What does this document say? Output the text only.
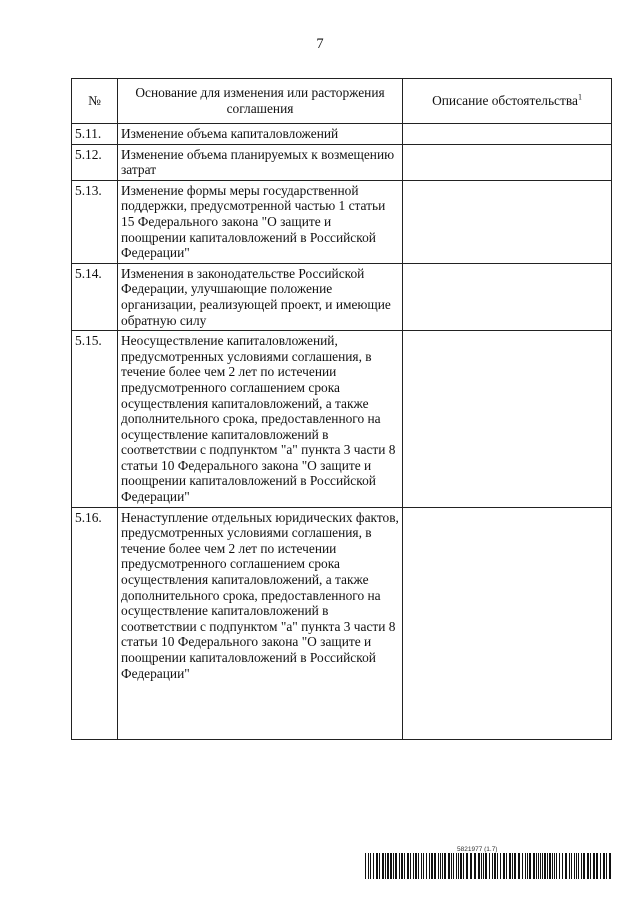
7
№	Основание для изменения или расторжения соглашения	Описание обстоятельства$^1$
5.11.	Изменение объема капиталовложений	
5.12.	Изменение объема планируемых к возмещению затрат	
5.13.	Изменение формы меры государственной поддержки, предусмотренной частью 1 статьи 15 Федерального закона "О защите и поощрении капиталовложений в Российской Федерации"	
5.14.	Изменения в законодательстве Российской Федерации, улучшающие положение организации, реализующей проект, и имеющие обратную силу	
5.15.	Неосуществление капиталовложений, предусмотренных условиями соглашения, в течение более чем 2 лет по истечении предусмотренного соглашением срока осуществления капиталовложений, а также дополнительного срока, предоставленного на осуществление капиталовложений в соответствии с подпунктом "а" пункта 3 части 8 статьи 10 Федерального закона "О защите и поощрении капиталовложений в Российской Федерации"	
5.16.	Ненаступление отдельных юридических фактов, предусмотренных условиями соглашения, в течение более чем 2 лет по истечении предусмотренного соглашением срока осуществления капиталовложений, а также дополнительного срока, предоставленного на осуществление капиталовложений в соответствии с подпунктом "а" пункта 3 части 8 статьи 10 Федерального закона "О защите и поощрении капиталовложений в Российской Федерации"	
5821977 (1.7)
